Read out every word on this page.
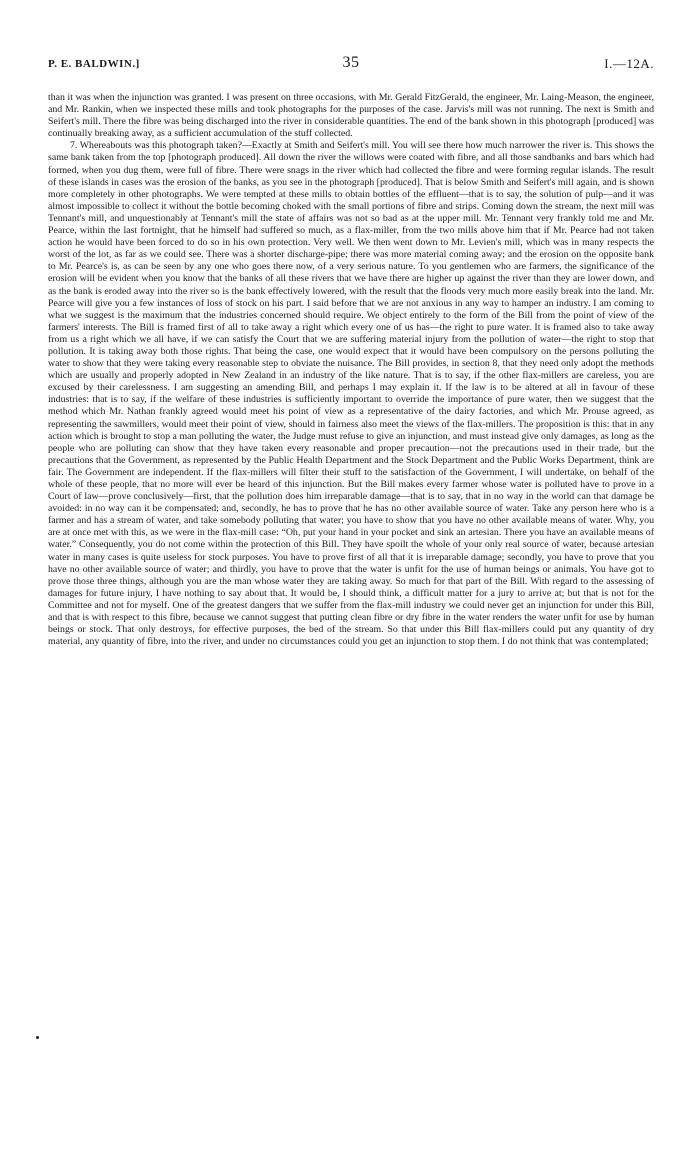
P. E. BALDWIN.]	35	I.—12A.

than it was when the injunction was granted. I was present on three occasions, with Mr. Gerald FitzGerald, the engineer, Mr. Laing-Meason, the engineer, and Mr. Rankin, when we inspected these mills and took photographs for the purposes of the case. Jarvis's mill was not running. The next is Smith and Seifert's mill. There the fibre was being discharged into the river in considerable quantities. The end of the bank shown in this photograph [produced] was continually breaking away, as a sufficient accumulation of the stuff collected.

7. Whereabouts was this photograph taken?—Exactly at Smith and Seifert's mill. You will see there how much narrower the river is. This shows the same bank taken from the top [photograph produced]. All down the river the willows were coated with fibre, and all those sandbanks and bars which had formed, when you dug them, were full of fibre. There were snags in the river which had collected the fibre and were forming regular islands. The result of these islands in cases was the erosion of the banks, as you see in the photograph [produced]. That is below Smith and Seifert's mill again, and is shown more completely in other photographs. We were tempted at these mills to obtain bottles of the effluent—that is to say, the solution of pulp—and it was almost impossible to collect it without the bottle becoming choked with the small portions of fibre and strips. Coming down the stream, the next mill was Tennant's mill, and unquestionably at Tennant's mill the state of affairs was not so bad as at the upper mill. Mr. Tennant very frankly told me and Mr. Pearce, within the last fortnight, that he himself had suffered so much, as a flax-miller, from the two mills above him that if Mr. Pearce had not taken action he would have been forced to do so in his own protection. Very well. We then went down to Mr. Levien's mill, which was in many respects the worst of the lot, as far as we could see. There was a shorter discharge-pipe; there was more material coming away; and the erosion on the opposite bank to Mr. Pearce's is, as can be seen by any one who goes there now, of a very serious nature. To you gentlemen who are farmers, the significance of the erosion will be evident when you know that the banks of all these rivers that we have there are higher up against the river than they are lower down, and as the bank is eroded away into the river so is the bank effectively lowered, with the result that the floods very much more easily break into the land. Mr. Pearce will give you a few instances of loss of stock on his part. I said before that we are not anxious in any way to hamper an industry. I am coming to what we suggest is the maximum that the industries concerned should require. We object entirely to the form of the Bill from the point of view of the farmers' interests. The Bill is framed first of all to take away a right which every one of us has—the right to pure water. It is framed also to take away from us a right which we all have, if we can satisfy the Court that we are suffering material injury from the pollution of water—the right to stop that pollution. It is taking away both those rights. That being the case, one would expect that it would have been compulsory on the persons polluting the water to show that they were taking every reasonable step to obviate the nuisance. The Bill provides, in section 8, that they need only adopt the methods which are usually and properly adopted in New Zealand in an industry of the like nature. That is to say, if the other flax-millers are careless, you are excused by their carelessness. I am suggesting an amending Bill, and perhaps I may explain it. If the law is to be altered at all in favour of these industries: that is to say, if the welfare of these industries is sufficiently important to override the importance of pure water, then we suggest that the method which Mr. Nathan frankly agreed would meet his point of view as a representative of the dairy factories, and which Mr. Prouse agreed, as representing the sawmillers, would meet their point of view, should in fairness also meet the views of the flax-millers. The proposition is this: that in any action which is brought to stop a man polluting the water, the Judge must refuse to give an injunction, and must instead give only damages, as long as the people who are polluting can show that they have taken every reasonable and proper precaution—not the precautions used in their trade, but the precautions that the Government, as represented by the Public Health Department and the Stock Department and the Public Works Department, think are fair. The Government are independent. If the flax-millers will filter their stuff to the satisfaction of the Government, I will undertake, on behalf of the whole of these people, that no more will ever be heard of this injunction. But the Bill makes every farmer whose water is polluted have to prove in a Court of law—prove conclusively—first, that the pollution does him irreparable damage—that is to say, that in no way in the world can that damage be avoided: in no way can it be compensated; and, secondly, he has to prove that he has no other available source of water. Take any person here who is a farmer and has a stream of water, and take somebody polluting that water; you have to show that you have no other available means of water. Why, you are at once met with this, as we were in the flax-mill case: “Oh, put your hand in your pocket and sink an artesian. There you have an available means of water.” Consequently, you do not come within the protection of this Bill. They have spoilt the whole of your only real source of water, because artesian water in many cases is quite useless for stock purposes. You have to prove first of all that it is irreparable damage; secondly, you have to prove that you have no other available source of water; and thirdly, you have to prove that the water is unfit for the use of human beings or animals. You have got to prove those three things, although you are the man whose water they are taking away. So much for that part of the Bill. With regard to the assessing of damages for future injury, I have nothing to say about that. It would be, I should think, a difficult matter for a jury to arrive at; but that is not for the Committee and not for myself. One of the greatest dangers that we suffer from the flax-mill industry we could never get an injunction for under this Bill, and that is with respect to this fibre, because we cannot suggest that putting clean fibre or dry fibre in the water renders the water unfit for use by human beings or stock. That only destroys, for effective purposes, the bed of the stream. So that under this Bill flax-millers could put any quantity of dry material, any quantity of fibre, into the river, and under no circumstances could you get an injunction to stop them. I do not think that was contemplated;
